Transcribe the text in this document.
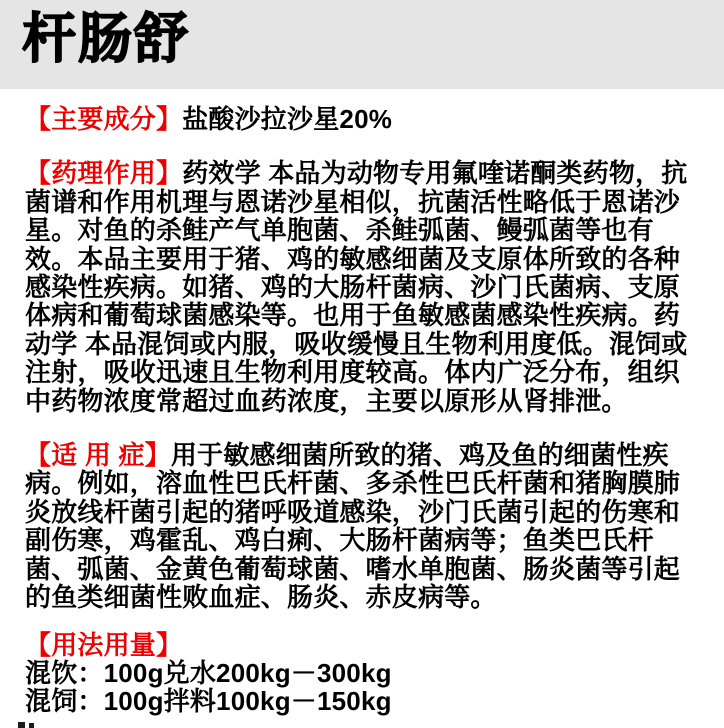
杆肠舒

【主要成分】盐酸沙拉沙星20%

【药理作用】药效学 本品为动物专用氟喹诺酮类药物，抗菌谱和作用机理与恩诺沙星相似，抗菌活性略低于恩诺沙星。对鱼的杀鲑产气单胞菌、杀鲑弧菌、鳗弧菌等也有效。本品主要用于猪、鸡的敏感细菌及支原体所致的各种感染性疾病。如猪、鸡的大肠杆菌病、沙门氏菌病、支原体病和葡萄球菌感染等。也用于鱼敏感菌感染性疾病。药动学 本品混饲或内服，吸收缓慢且生物利用度低。混饲或注射，吸收迅速且生物利用度较高。体内广泛分布，组织中药物浓度常超过血药浓度，主要以原形从肾排泄。

【适 用 症】用于敏感细菌所致的猪、鸡及鱼的细菌性疾病。例如，溶血性巴氏杆菌、多杀性巴氏杆菌和猪胸膜肺炎放线杆菌引起的猪呼吸道感染，沙门氏菌引起的伤寒和副伤寒，鸡霍乱、鸡白痢、大肠杆菌病等；鱼类巴氏杆菌、弧菌、金黄色葡萄球菌、嗜水单胞菌、肠炎菌等引起的鱼类细菌性败血症、肠炎、赤皮病等。

【用法用量】
混饮：100g兑水200kg－300kg
混饲：100g拌料100kg－150kg
